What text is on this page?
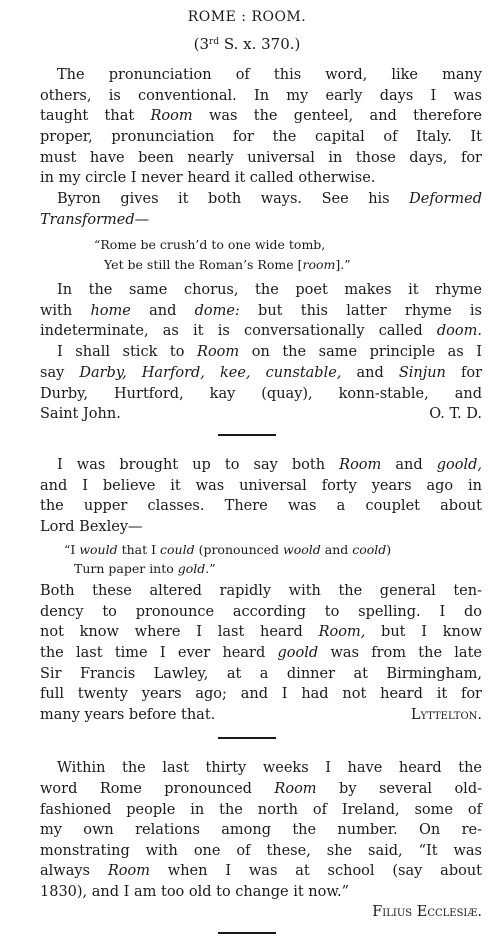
ROME : ROOM.
(3rd S. x. 370.)
The pronunciation of this word, like many
others, is conventional. In my early days I was
taught that Room was the genteel, and therefore
proper, pronunciation for the capital of Italy. It
must have been nearly universal in those days, for
in my circle I never heard it called otherwise.
Byron gives it both ways. See his Deformed
Transformed—
“Rome be crush’d to one wide tomb,
Yet be still the Roman’s Rome [room].”
In the same chorus, the poet makes it rhyme
with home and dome: but this latter rhyme is
indeterminate, as it is conversationally called doom.
I shall stick to Room on the same principle as I
say Darby, Harford, kee, cunstable, and Sinjun for
Durby, Hurtford, kay (quay), konn-stable, and
Saint John.	O. T. D.
I was brought up to say both Room and goold,
and I believe it was universal forty years ago in
the upper classes. There was a couplet about
Lord Bexley—
“I would that I could (pronounced woold and coold)
Turn paper into gold.”
Both these altered rapidly with the general ten-
dency to pronounce according to spelling. I do
not know where I last heard Room, but I know
the last time I ever heard goold was from the late
Sir Francis Lawley, at a dinner at Birmingham,
full twenty years ago; and I had not heard it for
many years before that.	Lyttelton.
Within the last thirty weeks I have heard the
word Rome pronounced Room by several old-
fashioned people in the north of Ireland, some of
my own relations among the number. On re-
monstrating with one of these, she said, “It was
always Room when I was at school (say about
1830), and I am too old to change it now.”
Filius Ecclesiæ.
